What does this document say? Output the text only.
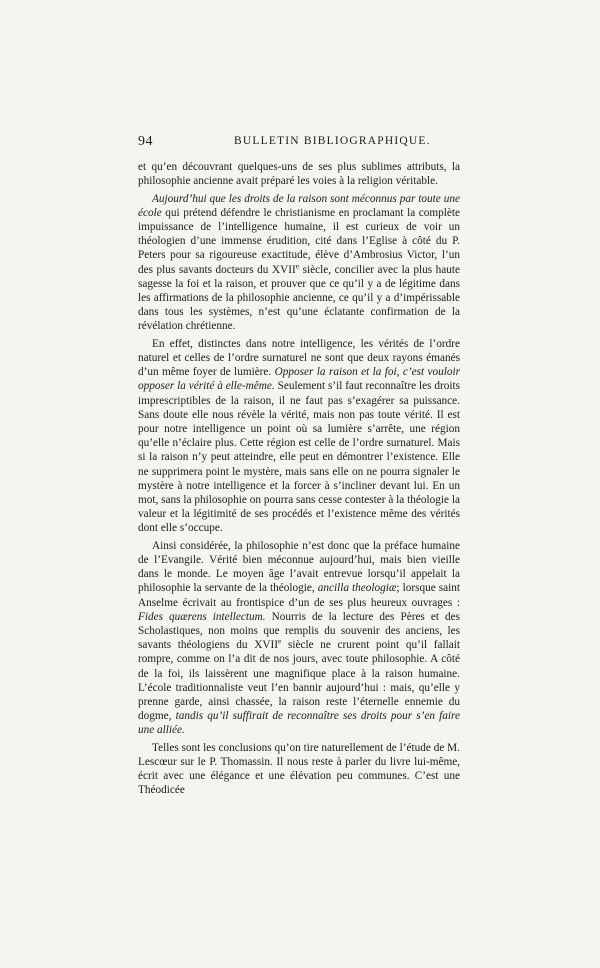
94	BULLETIN BIBLIOGRAPHIQUE.

et qu’en découvrant quelques-uns de ses plus sublimes attributs, la philosophie ancienne avait préparé les voies à la religion véritable.

Aujourd’hui que les droits de la raison sont méconnus par toute une école qui prétend défendre le christianisme en proclamant la complète impuissance de l’intelligence humaine, il est curieux de voir un théologien d’une immense érudition, cité dans l’Eglise à côté du P. Peters pour sa rigoureuse exactitude, élève d’Ambrosius Victor, l’un des plus savants docteurs du XVIIe siècle, concilier avec la plus haute sagesse la foi et la raison, et prouver que ce qu’il y a de légitime dans les affirmations de la philosophie ancienne, ce qu’il y a d’impérissable dans tous les systèmes, n’est qu’une éclatante confirmation de la révélation chrétienne.

En effet, distinctes dans notre intelligence, les vérités de l’ordre naturel et celles de l’ordre surnaturel ne sont que deux rayons émanés d’un même foyer de lumière. Opposer la raison et la foi, c’est vouloir opposer la vérité à elle-même. Seulement s’il faut reconnaître les droits imprescriptibles de la raison, il ne faut pas s’exagérer sa puissance. Sans doute elle nous révèle la vérité, mais non pas toute vérité. Il est pour notre intelligence un point où sa lumière s’arrête, une région qu’elle n’éclaire plus. Cette région est celle de l’ordre surnaturel. Mais si la raison n’y peut atteindre, elle peut en démontrer l’existence. Elle ne supprimera point le mystère, mais sans elle on ne pourra signaler le mystère à notre intelligence et la forcer à s’incliner devant lui. En un mot, sans la philosophie on pourra sans cesse contester à la théologie la valeur et la légitimité de ses procédés et l’existence même des vérités dont elle s’occupe.

Ainsi considérée, la philosophie n’est donc que la préface humaine de l’Evangile. Vérité bien méconnue aujourd’hui, mais bien vieille dans le monde. Le moyen âge l’avait entrevue lorsqu’il appelait la philosophie la servante de la théologie, ancilla theologiæ; lorsque saint Anselme écrivait au frontispice d’un de ses plus heureux ouvrages : Fides quærens intellectum. Nourris de la lecture des Pères et des Scholastiques, non moins que remplis du souvenir des anciens, les savants théologiens du XVIIe siècle ne crurent point qu’il fallait rompre, comme on l’a dit de nos jours, avec toute philosophie. A côté de la foi, ils laissèrent une magnifique place à la raison humaine. L’école traditionnaliste veut l’en bannir aujourd’hui : mais, qu’elle y prenne garde, ainsi chassée, la raison reste l’éternelle ennemie du dogme, tandis qu’il suffirait de reconnaître ses droits pour s’en faire une alliée.

Telles sont les conclusions qu’on tire naturellement de l’étude de M. Lescœur sur le P. Thomassin. Il nous reste à parler du livre lui-même, écrit avec une élégance et une élévation peu communes. C’est une Théodicée
